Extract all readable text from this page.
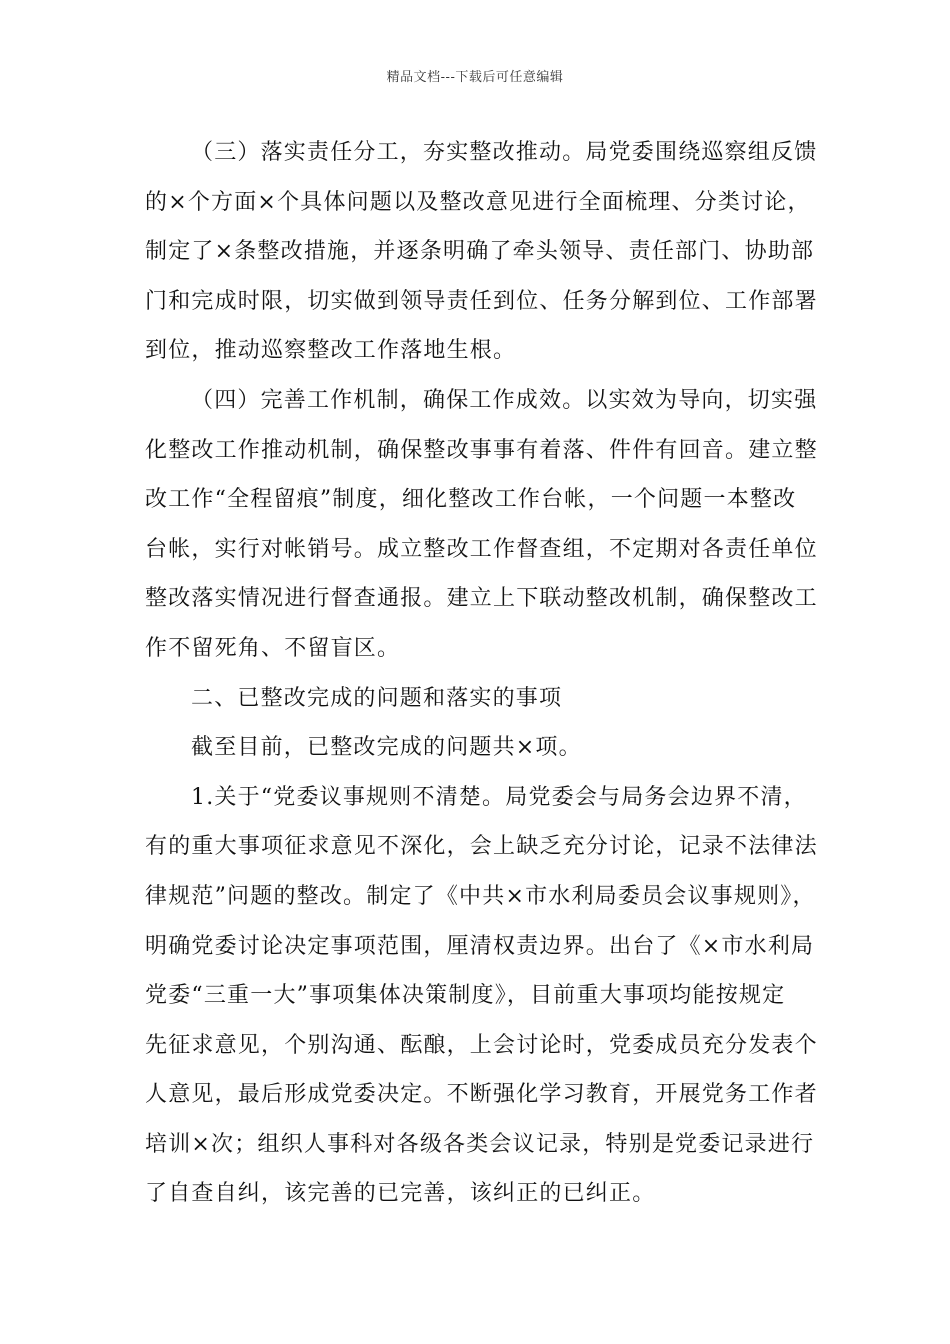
精品文档---下载后可任意编辑
（三）落实责任分工，夯实整改推动。局党委围绕巡察组反馈
的×个方面×个具体问题以及整改意见进行全面梳理、分类讨论，
制定了×条整改措施，并逐条明确了牵头领导、责任部门、协助部
门和完成时限，切实做到领导责任到位、任务分解到位、工作部署
到位，推动巡察整改工作落地生根。
（四）完善工作机制，确保工作成效。以实效为导向，切实强
化整改工作推动机制，确保整改事事有着落、件件有回音。建立整
改工作“全程留痕”制度，细化整改工作台帐，一个问题一本整改
台帐，实行对帐销号。成立整改工作督查组，不定期对各责任单位
整改落实情况进行督查通报。建立上下联动整改机制，确保整改工
作不留死角、不留盲区。
二、已整改完成的问题和落实的事项
截至目前，已整改完成的问题共×项。
1.关于“党委议事规则不清楚。局党委会与局务会边界不清，
有的重大事项征求意见不深化，会上缺乏充分讨论，记录不法律法
律规范”问题的整改。制定了《中共×市水利局委员会议事规则》，
明确党委讨论决定事项范围，厘清权责边界。出台了《×市水利局
党委“三重一大”事项集体决策制度》，目前重大事项均能按规定
先征求意见，个别沟通、酝酿，上会讨论时，党委成员充分发表个
人意见，最后形成党委决定。不断强化学习教育，开展党务工作者
培训×次；组织人事科对各级各类会议记录，特别是党委记录进行
了自查自纠，该完善的已完善，该纠正的已纠正。
